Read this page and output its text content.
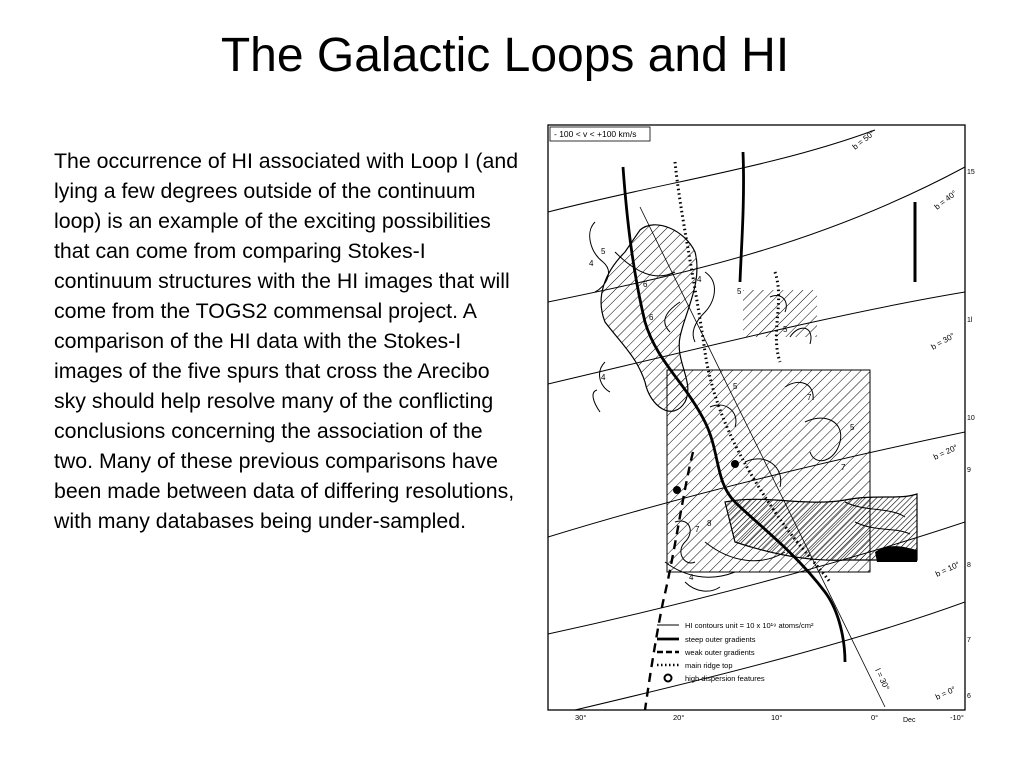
The Galactic Loops and HI

The occurrence of HI associated with Loop I (and lying a few degrees outside of the continuum loop) is an example of the exciting possibilities that can come from comparing Stokes-I continuum structures with the HI images that will come from the TOGS2 commensal project. A comparison of the HI data with the Stokes-I images of the five spurs that cross the Arecibo sky should help resolve many of the conflicting conclusions concerning the association of the two. Many of these previous comparisons have been made between data of differing resolutions, with many databases being under-sampled.

- 100 < v < +100 km/s	b = 50°
b = 40°
b = 30°
b = 20°
b = 10°
b = 0°
l = 30°
15
1l
10
9
8
7
6
30°	20°	10°	0°	-10°
Dec
4
5
6
6
4
4
5
5
5
5
7
7
8
7
4
HI contours unit = 10 x 10¹⁹ atoms/cm²
steep outer gradients
weak outer gradients
main ridge top
high dispersion features
